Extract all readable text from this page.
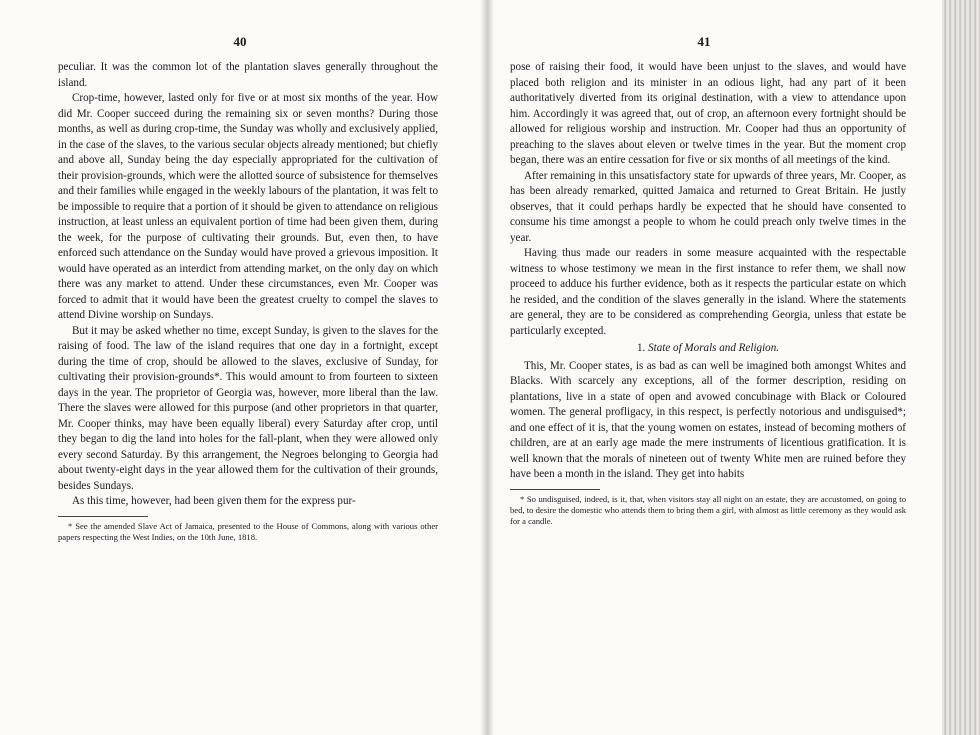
40

peculiar. It was the common lot of the plantation slaves generally throughout the island.

Crop-time, however, lasted only for five or at most six months of the year. How did Mr. Cooper succeed during the remaining six or seven months? During those months, as well as during crop-time, the Sunday was wholly and exclusively applied, in the case of the slaves, to the various secular objects already mentioned; but chiefly and above all, Sunday being the day especially appropriated for the cultivation of their provision-grounds, which were the allotted source of subsistence for themselves and their families while engaged in the weekly labours of the plantation, it was felt to be impossible to require that a portion of it should be given to attendance on religious instruction, at least unless an equivalent portion of time had been given them, during the week, for the purpose of cultivating their grounds. But, even then, to have enforced such attendance on the Sunday would have proved a grievous imposition. It would have operated as an interdict from attending market, on the only day on which there was any market to attend. Under these circumstances, even Mr. Cooper was forced to admit that it would have been the greatest cruelty to compel the slaves to attend Divine worship on Sundays.

But it may be asked whether no time, except Sunday, is given to the slaves for the raising of food. The law of the island requires that one day in a fortnight, except during the time of crop, should be allowed to the slaves, exclusive of Sunday, for cultivating their provision-grounds*. This would amount to from fourteen to sixteen days in the year. The proprietor of Georgia was, however, more liberal than the law. There the slaves were allowed for this purpose (and other proprietors in that quarter, Mr. Cooper thinks, may have been equally liberal) every Saturday after crop, until they began to dig the land into holes for the fall-plant, when they were allowed only every second Saturday. By this arrangement, the Negroes belonging to Georgia had about twenty-eight days in the year allowed them for the cultivation of their grounds, besides Sundays.

As this time, however, had been given them for the express pur-

* See the amended Slave Act of Jamaica, presented to the House of Commons, along with various other papers respecting the West Indies, on the 10th June, 1818.

41

pose of raising their food, it would have been unjust to the slaves, and would have placed both religion and its minister in an odious light, had any part of it been authoritatively diverted from its original destination, with a view to attendance upon him. Accordingly it was agreed that, out of crop, an afternoon every fortnight should be allowed for religious worship and instruction. Mr. Cooper had thus an opportunity of preaching to the slaves about eleven or twelve times in the year. But the moment crop began, there was an entire cessation for five or six months of all meetings of the kind.

After remaining in this unsatisfactory state for upwards of three years, Mr. Cooper, as has been already remarked, quitted Jamaica and returned to Great Britain. He justly observes, that it could perhaps hardly be expected that he should have consented to consume his time amongst a people to whom he could preach only twelve times in the year.

Having thus made our readers in some measure acquainted with the respectable witness to whose testimony we mean in the first instance to refer them, we shall now proceed to adduce his further evidence, both as it respects the particular estate on which he resided, and the condition of the slaves generally in the island. Where the statements are general, they are to be considered as comprehending Georgia, unless that estate be particularly excepted.

1. State of Morals and Religion.

This, Mr. Cooper states, is as bad as can well be imagined both amongst Whites and Blacks. With scarcely any exceptions, all of the former description, residing on plantations, live in a state of open and avowed concubinage with Black or Coloured women. The general profligacy, in this respect, is perfectly notorious and undisguised*; and one effect of it is, that the young women on estates, instead of becoming mothers of children, are at an early age made the mere instruments of licentious gratification. It is well known that the morals of nineteen out of twenty White men are ruined before they have been a month in the island. They get into habits

* So undisguised, indeed, is it, that, when visitors stay all night on an estate, they are accustomed, on going to bed, to desire the domestic who attends them to bring them a girl, with almost as little ceremony as they would ask for a candle.
